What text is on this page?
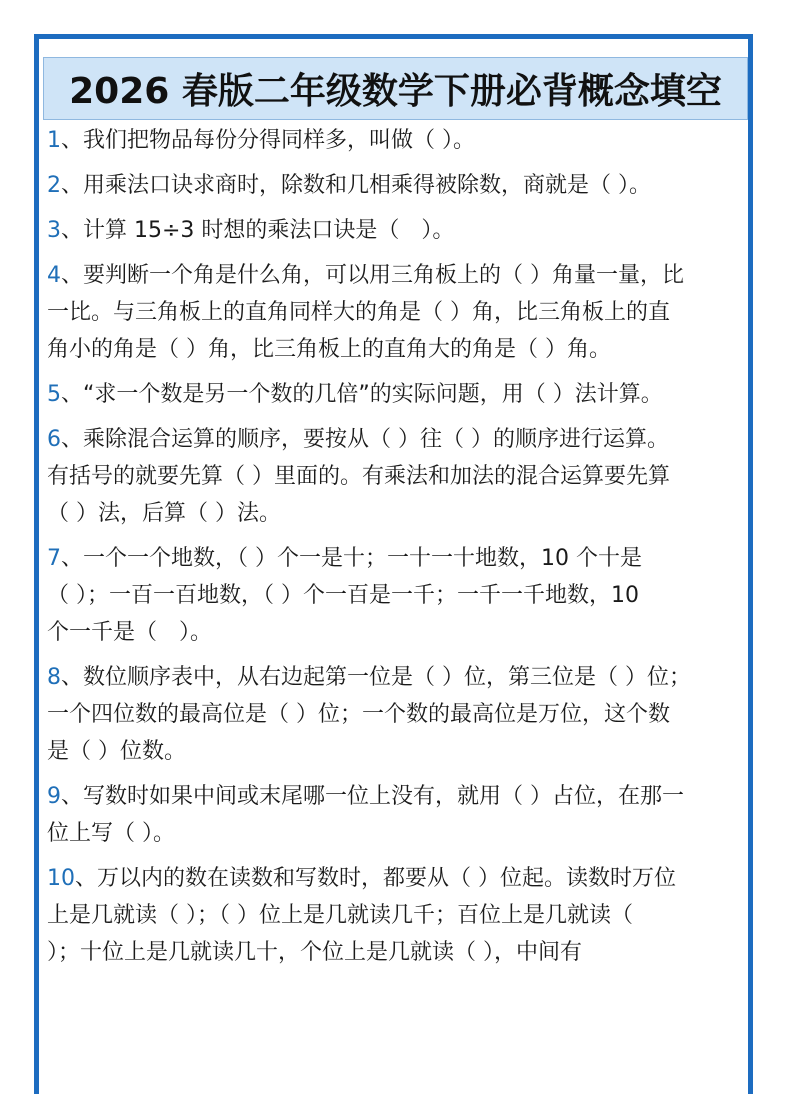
2026 春版二年级数学下册必背概念填空
1、我们把物品每份分得同样多，叫做（ ）。
2、用乘法口诀求商时，除数和几相乘得被除数，商就是（ ）。
3、计算 15÷3 时想的乘法口诀是（　）。
4、要判断一个角是什么角，可以用三角板上的（ ）角量一量，比
一比。与三角板上的直角同样大的角是（ ）角，比三角板上的直
角小的角是（ ）角，比三角板上的直角大的角是（ ）角。
5、“求一个数是另一个数的几倍”的实际问题，用（ ）法计算。
6、乘除混合运算的顺序，要按从（ ）往（ ）的顺序进行运算。
有括号的就要先算（ ）里面的。有乘法和加法的混合运算要先算
（ ）法，后算（ ）法。
7、一个一个地数，（ ）个一是十；一十一十地数，10 个十是
（ ）；一百一百地数，（ ）个一百是一千；一千一千地数，10
个一千是（　）。
8、数位顺序表中，从右边起第一位是（ ）位，第三位是（ ）位；
一个四位数的最高位是（ ）位；一个数的最高位是万位，这个数
是（ ）位数。
9、写数时如果中间或末尾哪一位上没有，就用（ ）占位，在那一
位上写（ ）。
10、万以内的数在读数和写数时，都要从（ ）位起。读数时万位
上是几就读（ ）；（ ）位上是几就读几千；百位上是几就读（
）；十位上是几就读几十，个位上是几就读（ ），中间有
